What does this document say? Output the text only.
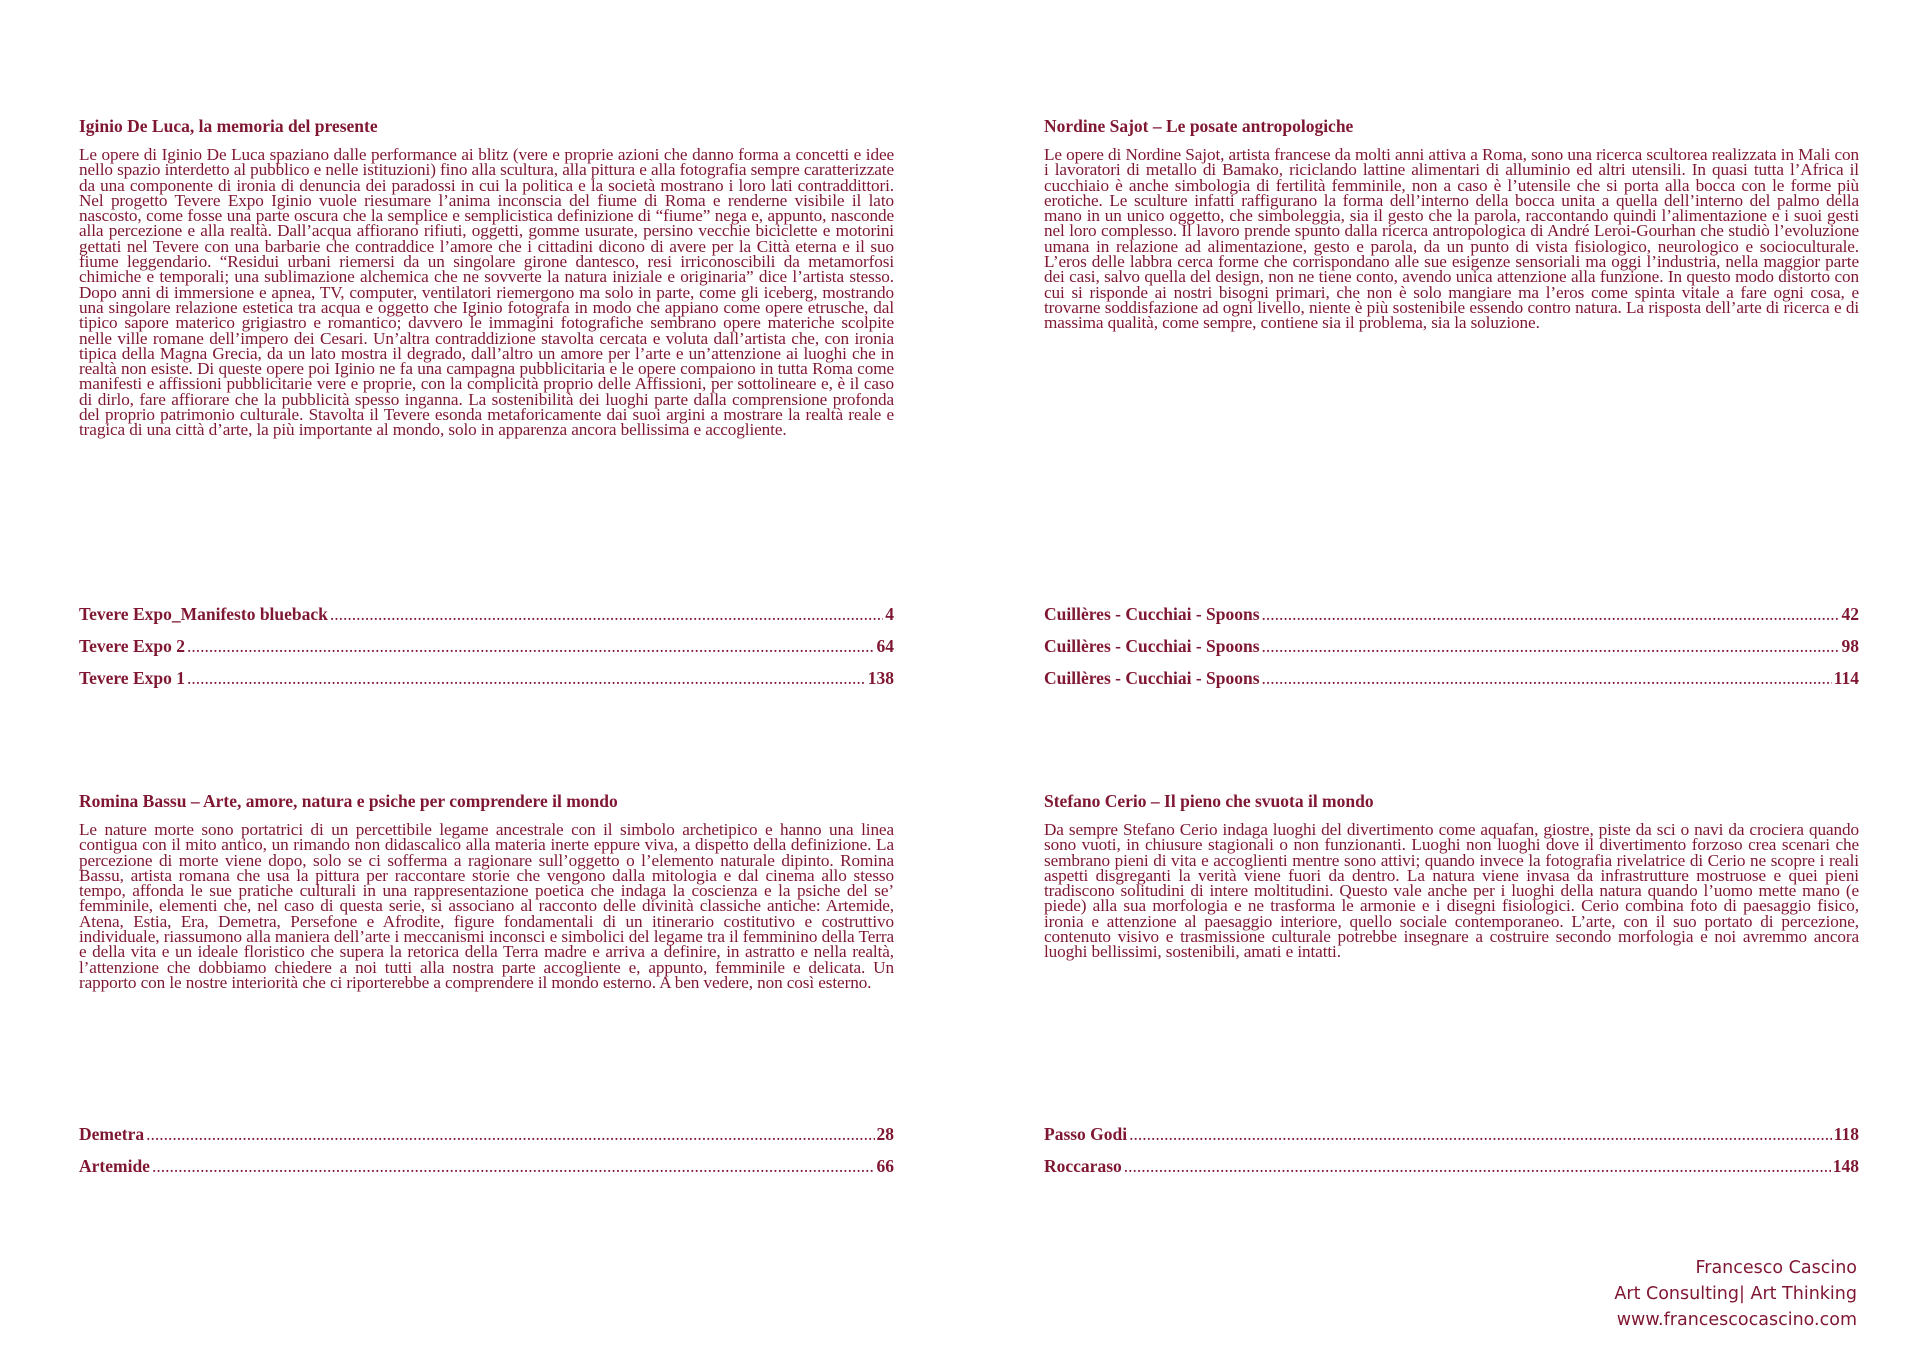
Iginio De Luca, la memoria del presente
Le opere di Iginio De Luca spaziano dalle performance ai blitz (vere e proprie azioni che danno forma a concetti e idee nello spazio interdetto al pubblico e nelle istituzioni) fino alla scultura, alla pittura e alla fotografia sempre caratterizzate da una componente di ironia di denuncia dei paradossi in cui la politica e la società mostrano i loro lati contraddittori. Nel progetto Tevere Expo Iginio vuole riesumare l’anima inconscia del fiume di Roma e renderne visibile il lato nascosto, come fosse una parte oscura che la semplice e semplicistica definizione di “fiume” nega e, appunto, nasconde alla percezione e alla realtà. Dall’acqua affiorano rifiuti, oggetti, gomme usurate, persino vecchie biciclette e motorini gettati nel Tevere con una barbarie che contraddice l’amore che i cittadini dicono di avere per la Città eterna e il suo fiume leggendario. “Residui urbani riemersi da un singolare girone dantesco, resi irriconoscibili da metamorfosi chimiche e temporali; una sublimazione alchemica che ne sovverte la natura iniziale e originaria” dice l’artista stesso. Dopo anni di immersione e apnea, TV, computer, ventilatori riemergono ma solo in parte, come gli iceberg, mostrando una singolare relazione estetica tra acqua e oggetto che Iginio fotografa in modo che appiano come opere etrusche, dal tipico sapore materico grigiastro e romantico; davvero le immagini fotografiche sembrano opere materiche scolpite nelle ville romane dell’impero dei Cesari. Un’altra contraddizione stavolta cercata e voluta dall’artista che, con ironia tipica della Magna Grecia, da un lato mostra il degrado, dall’altro un amore per l’arte e un’attenzione ai luoghi che in realtà non esiste. Di queste opere poi Iginio ne fa una campagna pubblicitaria e le opere compaiono in tutta Roma come manifesti e affissioni pubblicitarie vere e proprie, con la complicità proprio delle Affissioni, per sottolineare e, è il caso di dirlo, fare affiorare che la pubblicità spesso inganna. La sostenibilità dei luoghi parte dalla comprensione profonda del proprio patrimonio culturale. Stavolta il Tevere esonda metaforicamente dai suoi argini a mostrare la realtà reale e tragica di una città d’arte, la più importante al mondo, solo in apparenza ancora bellissima e accogliente.
Tevere Expo_Manifesto blueback .....	4
Tevere Expo 2 .....	64
Tevere Expo 1 .....	138
Nordine Sajot – Le posate antropologiche
Le opere di Nordine Sajot, artista francese da molti anni attiva a Roma, sono una ricerca scultorea realizzata in Mali con i lavoratori di metallo di Bamako, riciclando lattine alimentari di alluminio ed altri utensili. In quasi tutta l’Africa il cucchiaio è anche simbologia di fertilità femminile, non a caso è l’utensile che si porta alla bocca con le forme più erotiche. Le sculture infatti raffigurano la forma dell’interno della bocca unita a quella dell’interno del palmo della mano in un unico oggetto, che simboleggia, sia il gesto che la parola, raccontando quindi l’alimentazione e i suoi gesti nel loro complesso. Il lavoro prende spunto dalla ricerca antropologica di André Leroi-Gourhan che studiò l’evoluzione umana in relazione ad alimentazione, gesto e parola, da un punto di vista fisiologico, neurologico e socioculturale. L’eros delle labbra cerca forme che corrispondano alle sue esigenze sensoriali ma oggi l’industria, nella maggior parte dei casi, salvo quella del design, non ne tiene conto, avendo unica attenzione alla funzione. In questo modo distorto con cui si risponde ai nostri bisogni primari, che non è solo mangiare ma l’eros come spinta vitale a fare ogni cosa, e trovarne soddisfazione ad ogni livello, niente è più sostenibile essendo contro natura. La risposta dell’arte di ricerca e di massima qualità, come sempre, contiene sia il problema, sia la soluzione.
Cuillères - Cucchiai - Spoons .....	42
Cuillères - Cucchiai - Spoons .....	98
Cuillères - Cucchiai - Spoons .....	114
Romina Bassu – Arte, amore, natura e psiche per comprendere il mondo
Le nature morte sono portatrici di un percettibile legame ancestrale con il simbolo archetipico e hanno una linea contigua con il mito antico, un rimando non didascalico alla materia inerte eppure viva, a dispetto della definizione. La percezione di morte viene dopo, solo se ci sofferma a ragionare sull’oggetto o l’elemento naturale dipinto. Romina Bassu, artista romana che usa la pittura per raccontare storie che vengono dalla mitologia e dal cinema allo stesso tempo, affonda le sue pratiche culturali in una rappresentazione poetica che indaga la coscienza e la psiche del se’ femminile, elementi che, nel caso di questa serie, si associano al racconto delle divinità classiche antiche: Artemide, Atena, Estia, Era, Demetra, Persefone e Afrodite, figure fondamentali di un itinerario costitutivo e costruttivo individuale, riassumono alla maniera dell’arte i meccanismi inconsci e simbolici del legame tra il femminino della Terra e della vita e un ideale floristico che supera la retorica della Terra madre e arriva a definire, in astratto e nella realtà, l’attenzione che dobbiamo chiedere a noi tutti alla nostra parte accogliente e, appunto, femminile e delicata. Un rapporto con le nostre interiorità che ci riporterebbe a comprendere il mondo esterno. A ben vedere, non così esterno.
Demetra .....	28
Artemide .....	66
Stefano Cerio – Il pieno che svuota il mondo
Da sempre Stefano Cerio indaga luoghi del divertimento come aquafan, giostre, piste da sci o navi da crociera quando sono vuoti, in chiusure stagionali o non funzionanti. Luoghi non luoghi dove il divertimento forzoso crea scenari che sembrano pieni di vita e accoglienti mentre sono attivi; quando invece la fotografia rivelatrice di Cerio ne scopre i reali aspetti disgreganti la verità viene fuori da dentro. La natura viene invasa da infrastrutture mostruose e quei pieni tradiscono solitudini di intere moltitudini. Questo vale anche per i luoghi della natura quando l’uomo mette mano (e piede) alla sua morfologia e ne trasforma le armonie e i disegni fisiologici. Cerio combina foto di paesaggio fisico, ironia e attenzione al paesaggio interiore, quello sociale contemporaneo. L’arte, con il suo portato di percezione, contenuto visivo e trasmissione culturale potrebbe insegnare a costruire secondo morfologia e noi avremmo ancora luoghi bellissimi, sostenibili, amati e intatti.
Passo Godi .....	118
Roccaraso .....	148
Francesco Cascino
Art Consulting| Art Thinking
www.francescocascino.com
